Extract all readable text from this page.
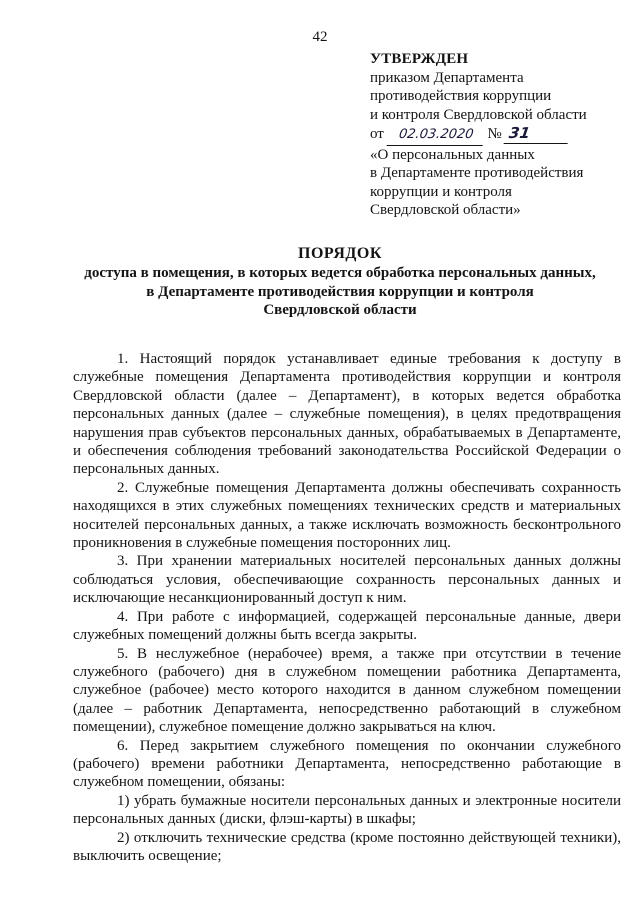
42
УТВЕРЖДЕН
приказом Департамента
противодействия коррупции
и контроля Свердловской области
от 02.03.2020 № 31
«О персональных данных
в Департаменте противодействия
коррупции и контроля
Свердловской области»
ПОРЯДОК
доступа в помещения, в которых ведется обработка персональных данных,
в Департаменте противодействия коррупции и контроля
Свердловской области

1. Настоящий порядок устанавливает единые требования к доступу в служебные помещения Департамента противодействия коррупции и контроля Свердловской области (далее – Департамент), в которых ведется обработка персональных данных (далее – служебные помещения), в целях предотвращения нарушения прав субъектов персональных данных, обрабатываемых в Департаменте, и обеспечения соблюдения требований законодательства Российской Федерации о персональных данных.

2. Служебные помещения Департамента должны обеспечивать сохранность находящихся в этих служебных помещениях технических средств и материальных носителей персональных данных, а также исключать возможность бесконтрольного проникновения в служебные помещения посторонних лиц.

3. При хранении материальных носителей персональных данных должны соблюдаться условия, обеспечивающие сохранность персональных данных и исключающие несанкционированный доступ к ним.

4. При работе с информацией, содержащей персональные данные, двери служебных помещений должны быть всегда закрыты.

5. В неслужебное (нерабочее) время, а также при отсутствии в течение служебного (рабочего) дня в служебном помещении работника Департамента, служебное (рабочее) место которого находится в данном служебном помещении (далее – работник Департамента, непосредственно работающий в служебном помещении), служебное помещение должно закрываться на ключ.

6. Перед закрытием служебного помещения по окончании служебного (рабочего) времени работники Департамента, непосредственно работающие в служебном помещении, обязаны:

1) убрать бумажные носители персональных данных и электронные носители персональных данных (диски, флэш-карты) в шкафы;

2) отключить технические средства (кроме постоянно действующей техники), выключить освещение;
